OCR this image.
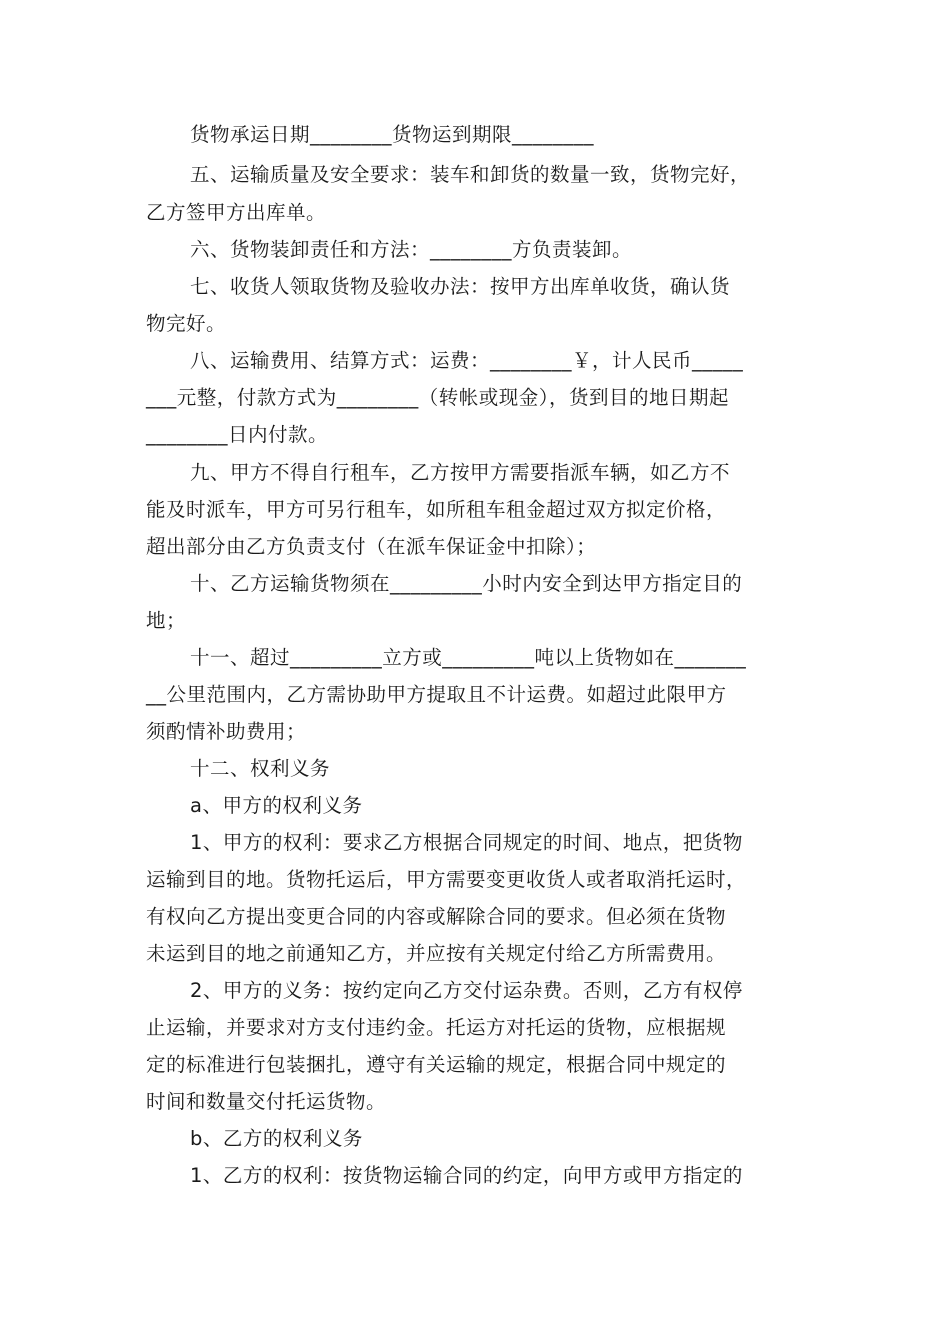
货物承运日期________货物运到期限________
五、运输质量及安全要求：装车和卸货的数量一致，货物完好，
乙方签甲方出库单。
六、货物装卸责任和方法：________方负责装卸。
七、收货人领取货物及验收办法：按甲方出库单收货，确认货
物完好。
八、运输费用、结算方式：运费：________￥，计人民币_____
___元整，付款方式为________（转帐或现金），货到目的地日期起
________日内付款。
九、甲方不得自行租车，乙方按甲方需要指派车辆，如乙方不
能及时派车，甲方可另行租车，如所租车租金超过双方拟定价格，
超出部分由乙方负责支付（在派车保证金中扣除）；
十、乙方运输货物须在_________小时内安全到达甲方指定目的
地；
十一、超过_________立方或_________吨以上货物如在_______
__公里范围内，乙方需协助甲方提取且不计运费。如超过此限甲方
须酌情补助费用；
十二、权利义务
a、甲方的权利义务
1、甲方的权利：要求乙方根据合同规定的时间、地点，把货物
运输到目的地。货物托运后，甲方需要变更收货人或者取消托运时，
有权向乙方提出变更合同的内容或解除合同的要求。但必须在货物
未运到目的地之前通知乙方，并应按有关规定付给乙方所需费用。
2、甲方的义务：按约定向乙方交付运杂费。否则，乙方有权停
止运输，并要求对方支付违约金。托运方对托运的货物，应根据规
定的标准进行包装捆扎，遵守有关运输的规定，根据合同中规定的
时间和数量交付托运货物。
b、乙方的权利义务
1、乙方的权利：按货物运输合同的约定，向甲方或甲方指定的
